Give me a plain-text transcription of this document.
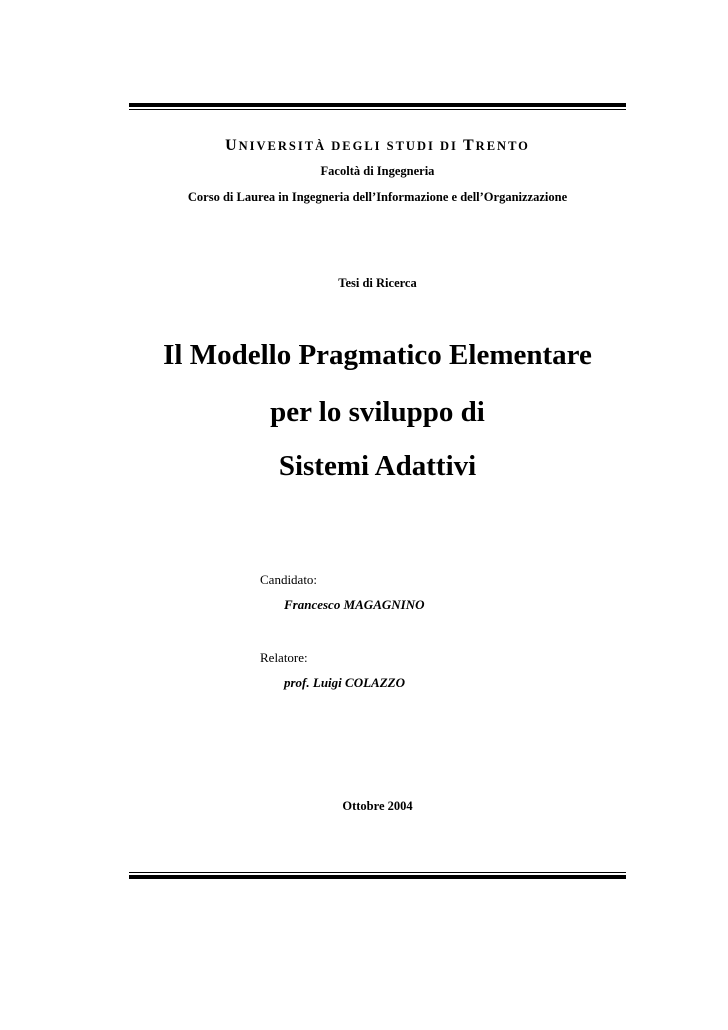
UNIVERSITÀ DEGLI STUDI DI TRENTO
Facoltà di Ingegneria
Corso di Laurea in Ingegneria dell’Informazione e dell’Organizzazione
Tesi di Ricerca
Il Modello Pragmatico Elementare
per lo sviluppo di
Sistemi Adattivi
Candidato:
Francesco MAGAGNINO
Relatore:
prof. Luigi COLAZZO
Ottobre 2004
